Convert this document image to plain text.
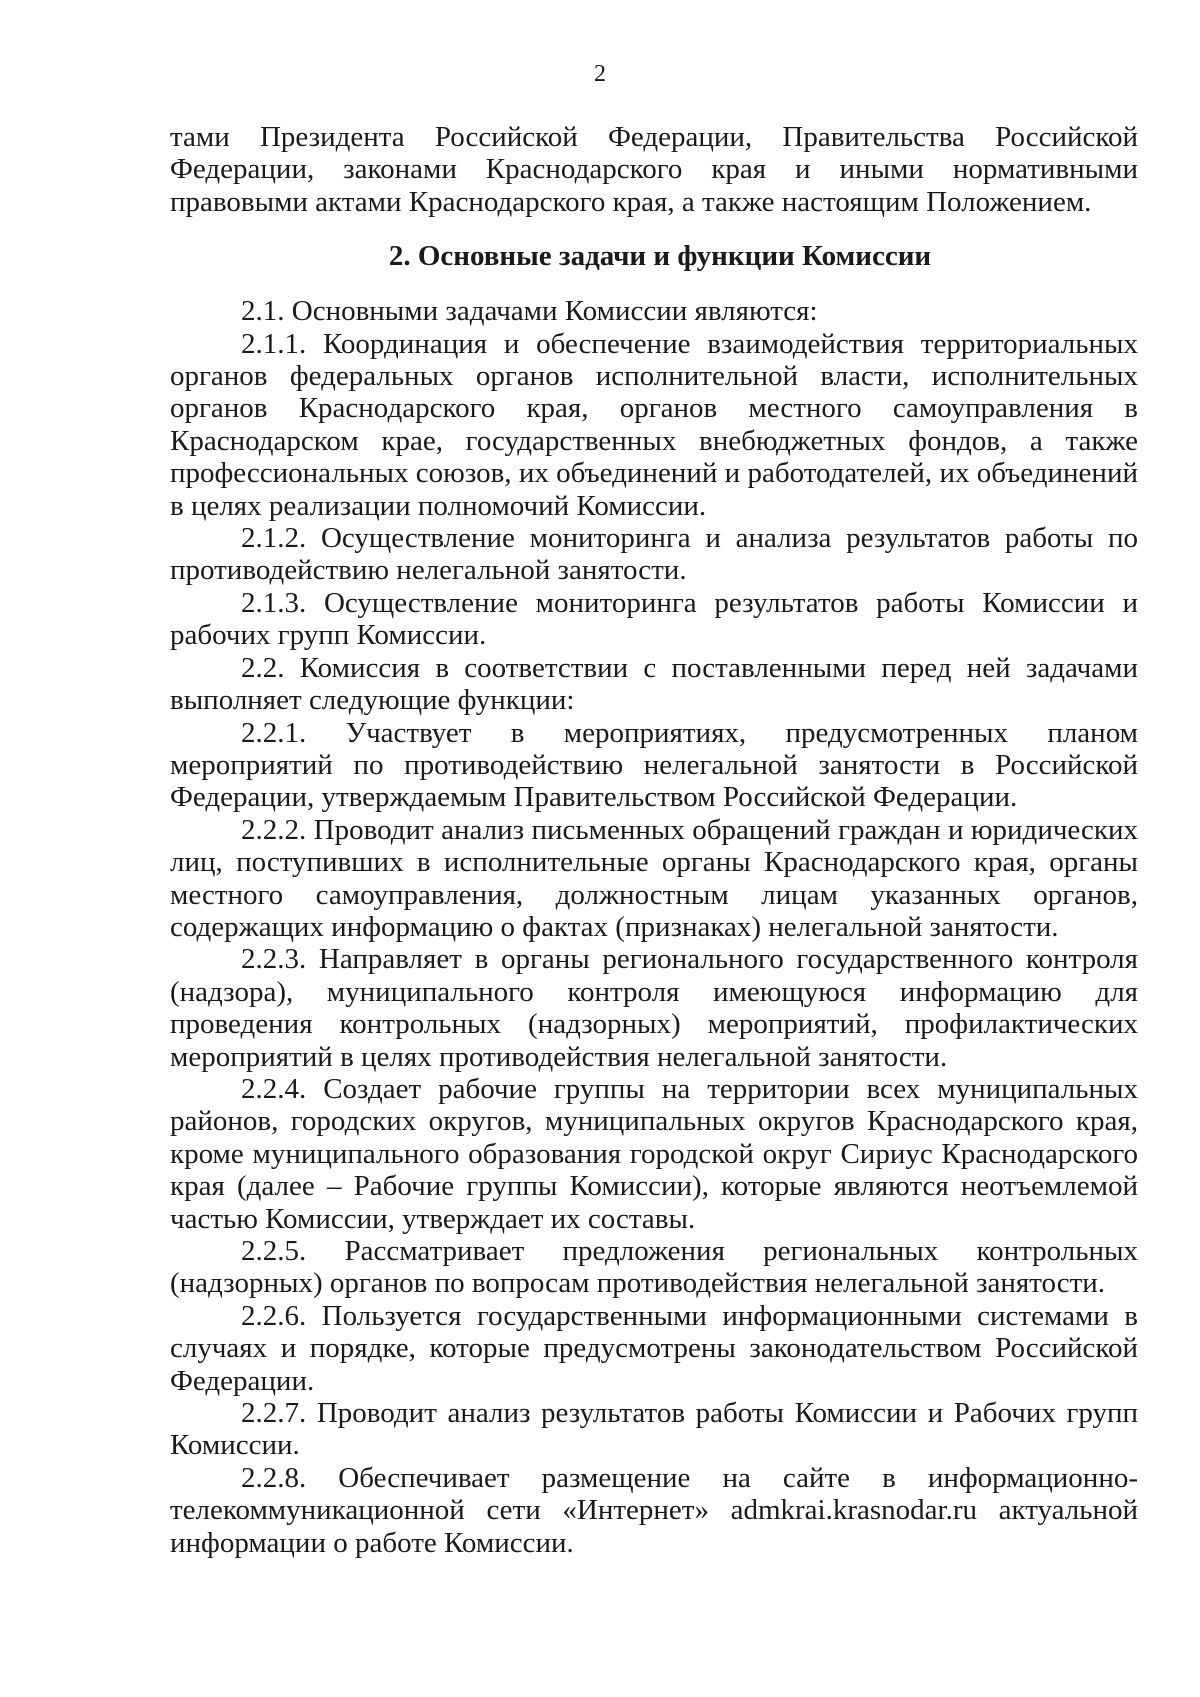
2

тами Президента Российской Федерации, Правительства Российской Федерации, законами Краснодарского края и иными нормативными правовыми актами Краснодарского края, а также настоящим Положением.

2. Основные задачи и функции Комиссии

2.1. Основными задачами Комиссии являются:

2.1.1. Координация и обеспечение взаимодействия территориальных органов федеральных органов исполнительной власти, исполнительных органов Краснодарского края, органов местного самоуправления в Краснодарском крае, государственных внебюджетных фондов, а также профессиональных союзов, их объединений и работодателей, их объединений в целях реализации полномочий Комиссии.

2.1.2. Осуществление мониторинга и анализа результатов работы по противодействию нелегальной занятости.

2.1.3. Осуществление мониторинга результатов работы Комиссии и рабочих групп Комиссии.

2.2. Комиссия в соответствии с поставленными перед ней задачами выполняет следующие функции:

2.2.1. Участвует в мероприятиях, предусмотренных планом мероприятий по противодействию нелегальной занятости в Российской Федерации, утверждаемым Правительством Российской Федерации.

2.2.2. Проводит анализ письменных обращений граждан и юридических лиц, поступивших в исполнительные органы Краснодарского края, органы местного самоуправления, должностным лицам указанных органов, содержащих информацию о фактах (признаках) нелегальной занятости.

2.2.3. Направляет в органы регионального государственного контроля (надзора), муниципального контроля имеющуюся информацию для проведения контрольных (надзорных) мероприятий, профилактических мероприятий в целях противодействия нелегальной занятости.

2.2.4. Создает рабочие группы на территории всех муниципальных районов, городских округов, муниципальных округов Краснодарского края, кроме муниципального образования городской округ Сириус Краснодарского края (далее – Рабочие группы Комиссии), которые являются неотъемлемой частью Комиссии, утверждает их составы.

2.2.5. Рассматривает предложения региональных контрольных (надзорных) органов по вопросам противодействия нелегальной занятости.

2.2.6. Пользуется государственными информационными системами в случаях и порядке, которые предусмотрены законодательством Российской Федерации.

2.2.7. Проводит анализ результатов работы Комиссии и Рабочих групп Комиссии.

2.2.8. Обеспечивает размещение на сайте в информационно-телекоммуникационной сети «Интернет» admkrai.krasnodar.ru актуальной информации о работе Комиссии.
